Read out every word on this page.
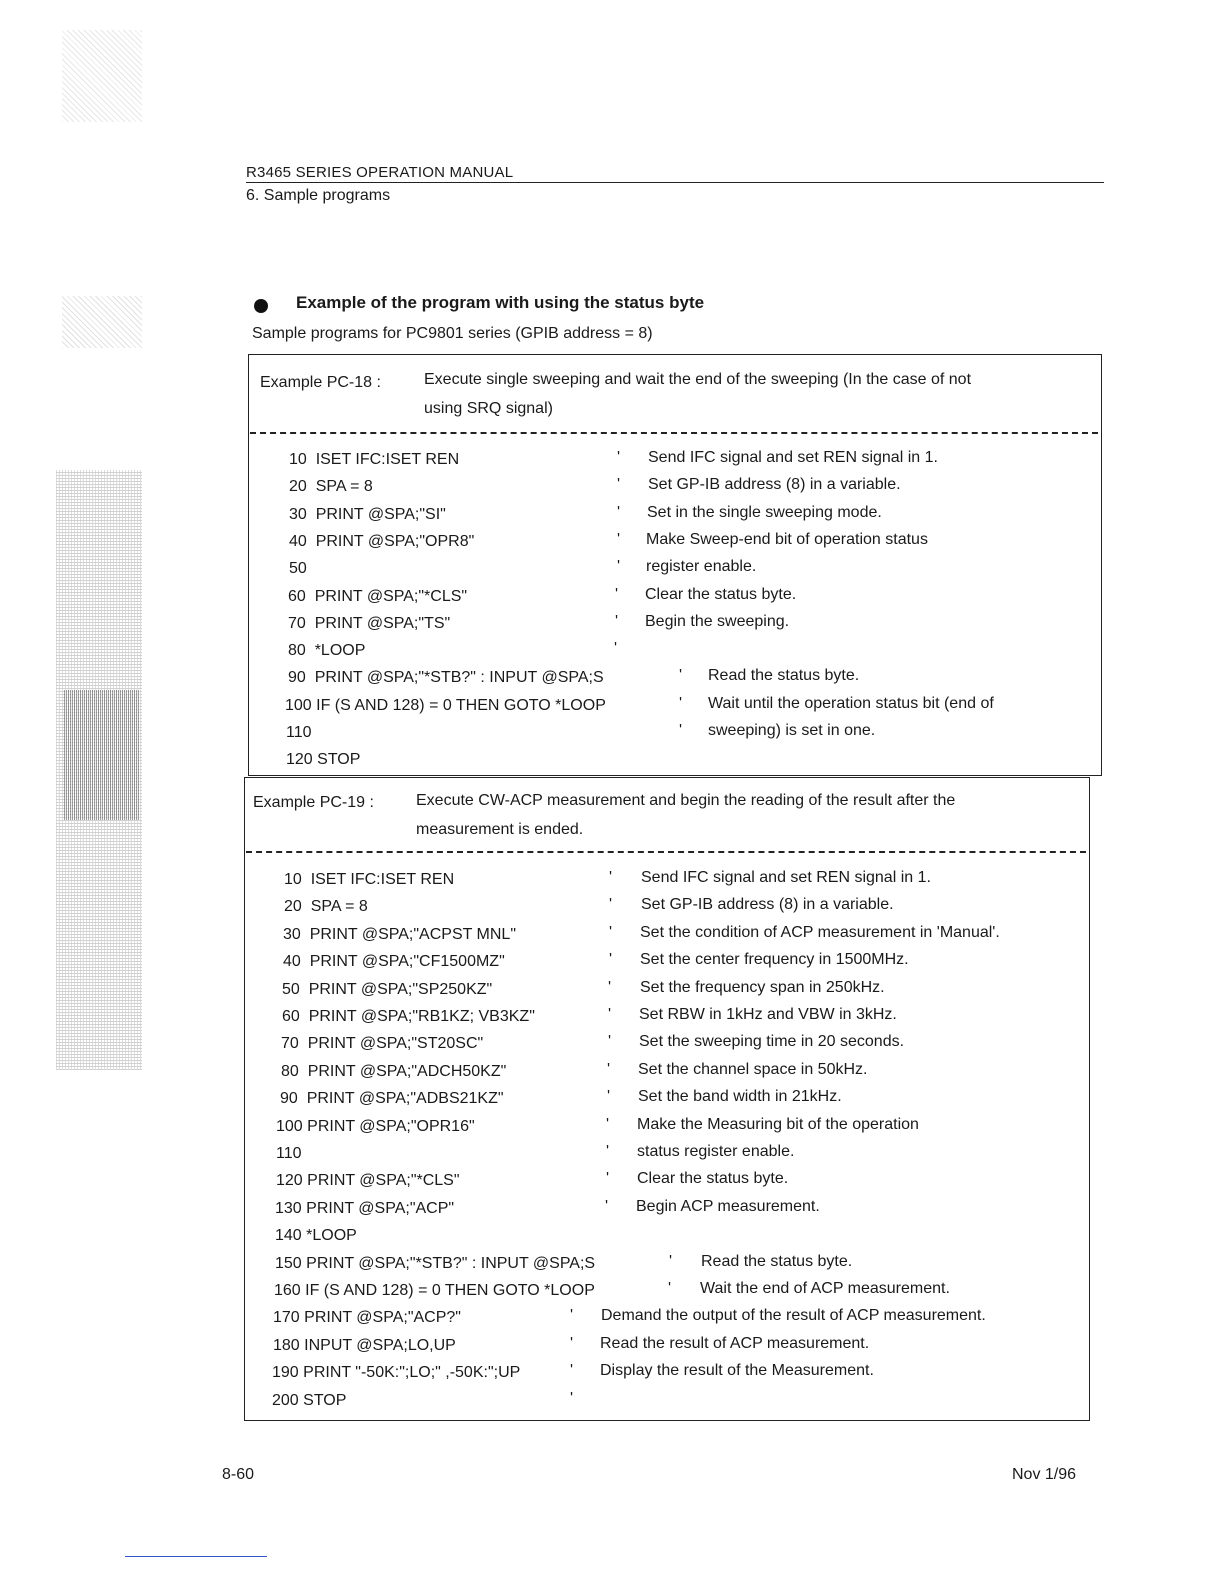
R3465 SERIES OPERATION MANUAL
6. Sample programs
Example of the program with using the status byte
Sample programs for PC9801 series (GPIB address = 8)
Example PC-18 :	Execute single sweeping and wait the end of the sweeping (In the case of not
using SRQ signal)
10  ISET IFC:ISET REN	' Send IFC signal and set REN signal in 1.
20  SPA = 8	' Set GP-IB address (8) in a variable.
30  PRINT @SPA;"SI"	' Set in the single sweeping mode.
40  PRINT @SPA;"OPR8"	' Make Sweep-end bit of operation status
50	' register enable.
60  PRINT @SPA;"*CLS"	' Clear the status byte.
70  PRINT @SPA;"TS"	' Begin the sweeping.
80  *LOOP	'
90  PRINT @SPA;"*STB?" : INPUT @SPA;S	' Read the status byte.
100 IF (S AND 128) = 0 THEN GOTO *LOOP	' Wait until the operation status bit (end of
110	' sweeping) is set in one.
120 STOP
Example PC-19 :	Execute CW-ACP measurement and begin the reading of the result after the
measurement is ended.
10  ISET IFC:ISET REN	' Send IFC signal and set REN signal in 1.
20  SPA = 8	' Set GP-IB address (8) in a variable.
30  PRINT @SPA;"ACPST MNL"	' Set the condition of ACP measurement in 'Manual'.
40  PRINT @SPA;"CF1500MZ"	' Set the center frequency in 1500MHz.
50  PRINT @SPA;"SP250KZ"	' Set the frequency span in 250kHz.
60  PRINT @SPA;"RB1KZ; VB3KZ"	' Set RBW in 1kHz and VBW in 3kHz.
70  PRINT @SPA;"ST20SC"	' Set the sweeping time in 20 seconds.
80  PRINT @SPA;"ADCH50KZ"	' Set the channel space in 50kHz.
90  PRINT @SPA;"ADBS21KZ"	' Set the band width in 21kHz.
100 PRINT @SPA;"OPR16"	' Make the Measuring bit of the operation
110	' status register enable.
120 PRINT @SPA;"*CLS"	' Clear the status byte.
130 PRINT @SPA;"ACP"	' Begin ACP measurement.
140 *LOOP
150 PRINT @SPA;"*STB?" : INPUT @SPA;S	' Read the status byte.
160 IF (S AND 128) = 0 THEN GOTO *LOOP	' Wait the end of ACP measurement.
170 PRINT @SPA;"ACP?"	' Demand the output of the result of ACP measurement.
180 INPUT @SPA;LO,UP	' Read the result of ACP measurement.
190 PRINT "-50K:";LO;" ,-50K:";UP	' Display the result of the Measurement.
200 STOP	'
8-60	Nov 1/96
